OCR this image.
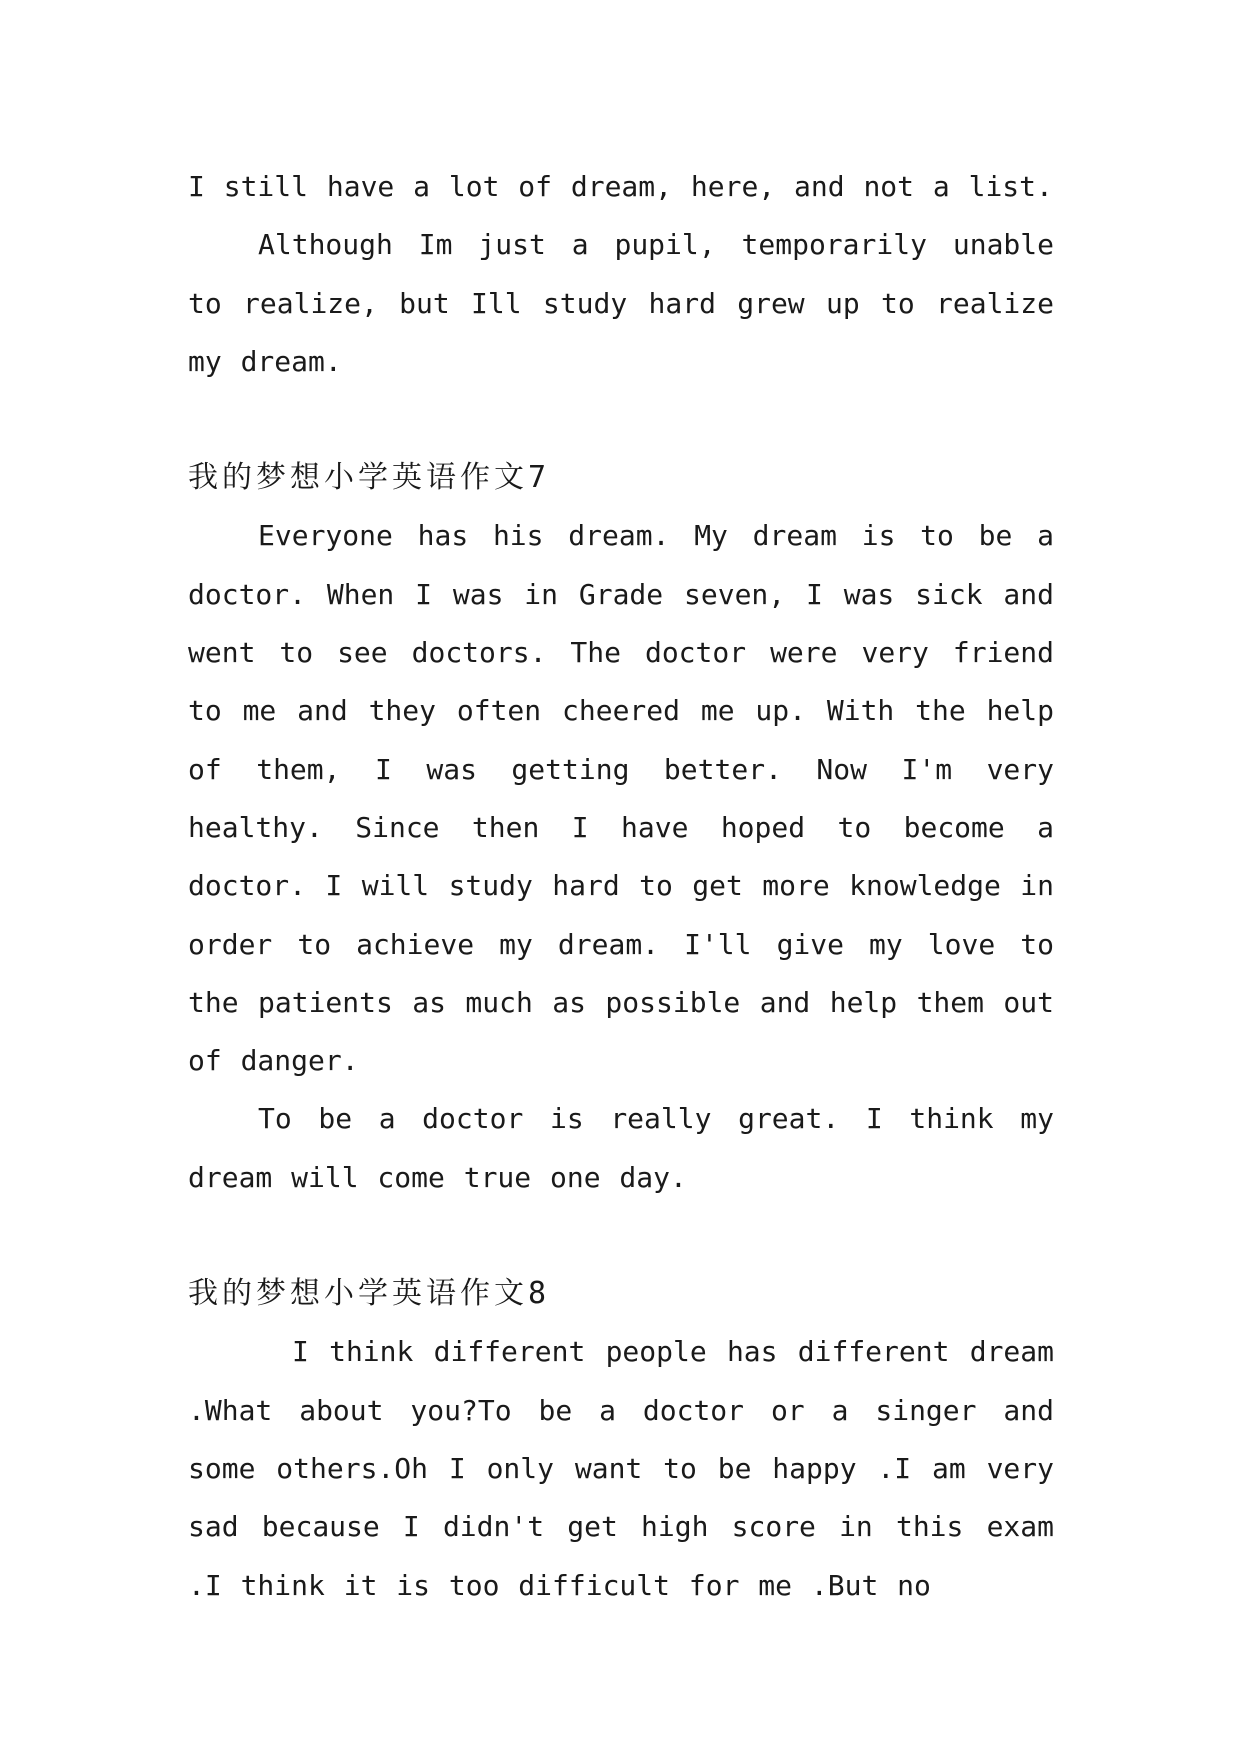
I still have a lot of dream, here, and not a list.

Although Im just a pupil, temporarily unable to realize, but Ill study hard grew up to realize my dream.

我的梦想小学英语作文7

Everyone has his dream. My dream is to be a doctor. When I was in Grade seven, I was sick and went to see doctors. The doctor were very friend to me and they often cheered me up. With the help of them, I was getting better. Now I'm very healthy. Since then I have hoped to become a doctor. I will study hard to get more knowledge in order to achieve my dream. I'll give my love to the patients as much as possible and help them out of danger.

To be a doctor is really great. I think my dream will come true one day.

我的梦想小学英语作文8

I think different people has different dream .What about you?To be a doctor or a singer and some others.Oh I only want to be happy .I am very sad because I didn't get high score in this exam .I think it is too difficult for me .But no
